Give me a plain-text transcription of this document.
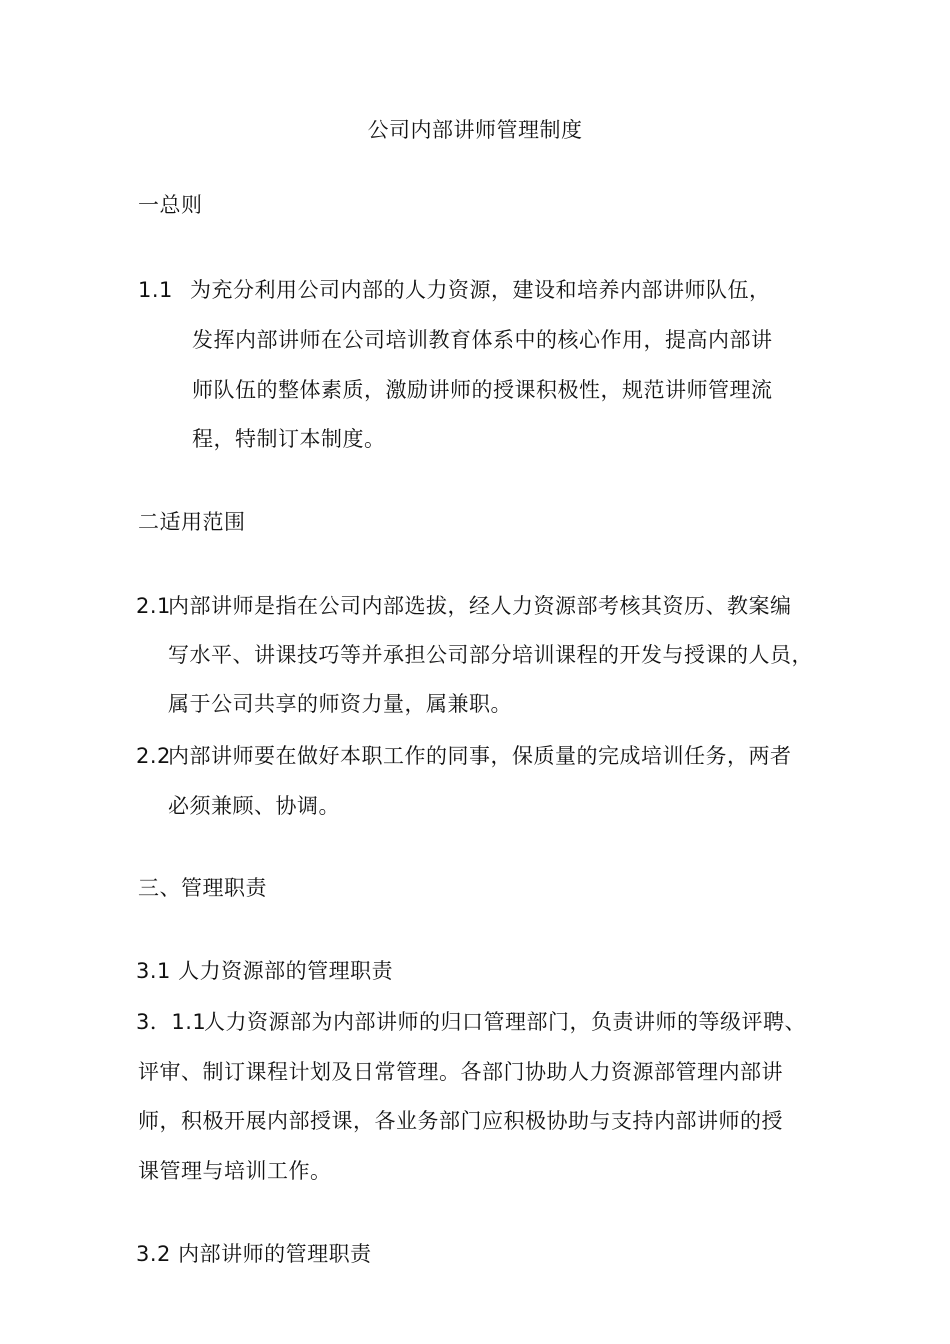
公司内部讲师管理制度
一总则
1.1 为充分利用公司内部的人力资源，建设和培养内部讲师队伍，
发挥内部讲师在公司培训教育体系中的核心作用，提高内部讲
师队伍的整体素质，激励讲师的授课积极性，规范讲师管理流
程，特制订本制度。
二适用范围
2.1
内部讲师是指在公司内部选拔，经人力资源部考核其资历、教案编
写水平、讲课技巧等并承担公司部分培训课程的开发与授课的人员，
属于公司共享的师资力量，属兼职。
2.2
内部讲师要在做好本职工作的同事，保质量的完成培训任务，两者
必须兼顾、协调。
三、管理职责
3.1 人力资源部的管理职责
3．1.1
人力资源部为内部讲师的归口管理部门，负责讲师的等级评聘、
评审、制订课程计划及日常管理。各部门协助人力资源部管理内部讲
师，积极开展内部授课，各业务部门应积极协助与支持内部讲师的授
课管理与培训工作。
3.2 内部讲师的管理职责
